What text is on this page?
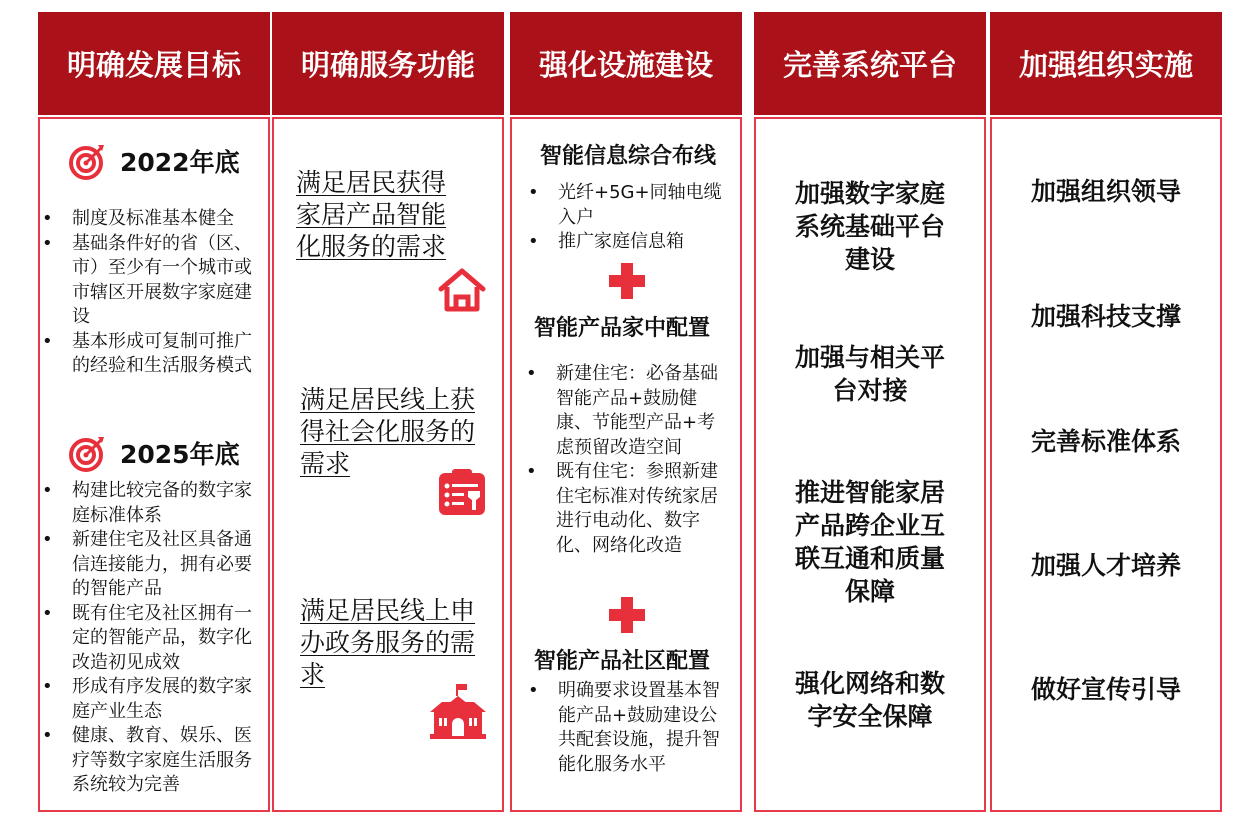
明确发展目标
2022年底
• 制度及标准基本健全
• 基础条件好的省（区、市）至少有一个城市或市辖区开展数字家庭建设
• 基本形成可复制可推广的经验和生活服务模式
2025年底
• 构建比较完备的数字家庭标准体系
• 新建住宅及社区具备通信连接能力，拥有必要的智能产品
• 既有住宅及社区拥有一定的智能产品，数字化改造初见成效
• 形成有序发展的数字家庭产业生态
• 健康、教育、娱乐、医疗等数字家庭生活服务系统较为完善
明确服务功能
满足居民获得家居产品智能化服务的需求
满足居民线上获得社会化服务的需求
满足居民线上申办政务服务的需求
强化设施建设
智能信息综合布线
• 光纤+5G+同轴电缆入户
• 推广家庭信息箱
智能产品家中配置
• 新建住宅：必备基础智能产品+鼓励健康、节能型产品+考虑预留改造空间
• 既有住宅：参照新建住宅标准对传统家居进行电动化、数字化、网络化改造
智能产品社区配置
• 明确要求设置基本智能产品+鼓励建设公共配套设施，提升智能化服务水平
完善系统平台
加强数字家庭系统基础平台建设
加强与相关平台对接
推进智能家居产品跨企业互联互通和质量保障
强化网络和数字安全保障
加强组织实施
加强组织领导
加强科技支撑
完善标准体系
加强人才培养
做好宣传引导
